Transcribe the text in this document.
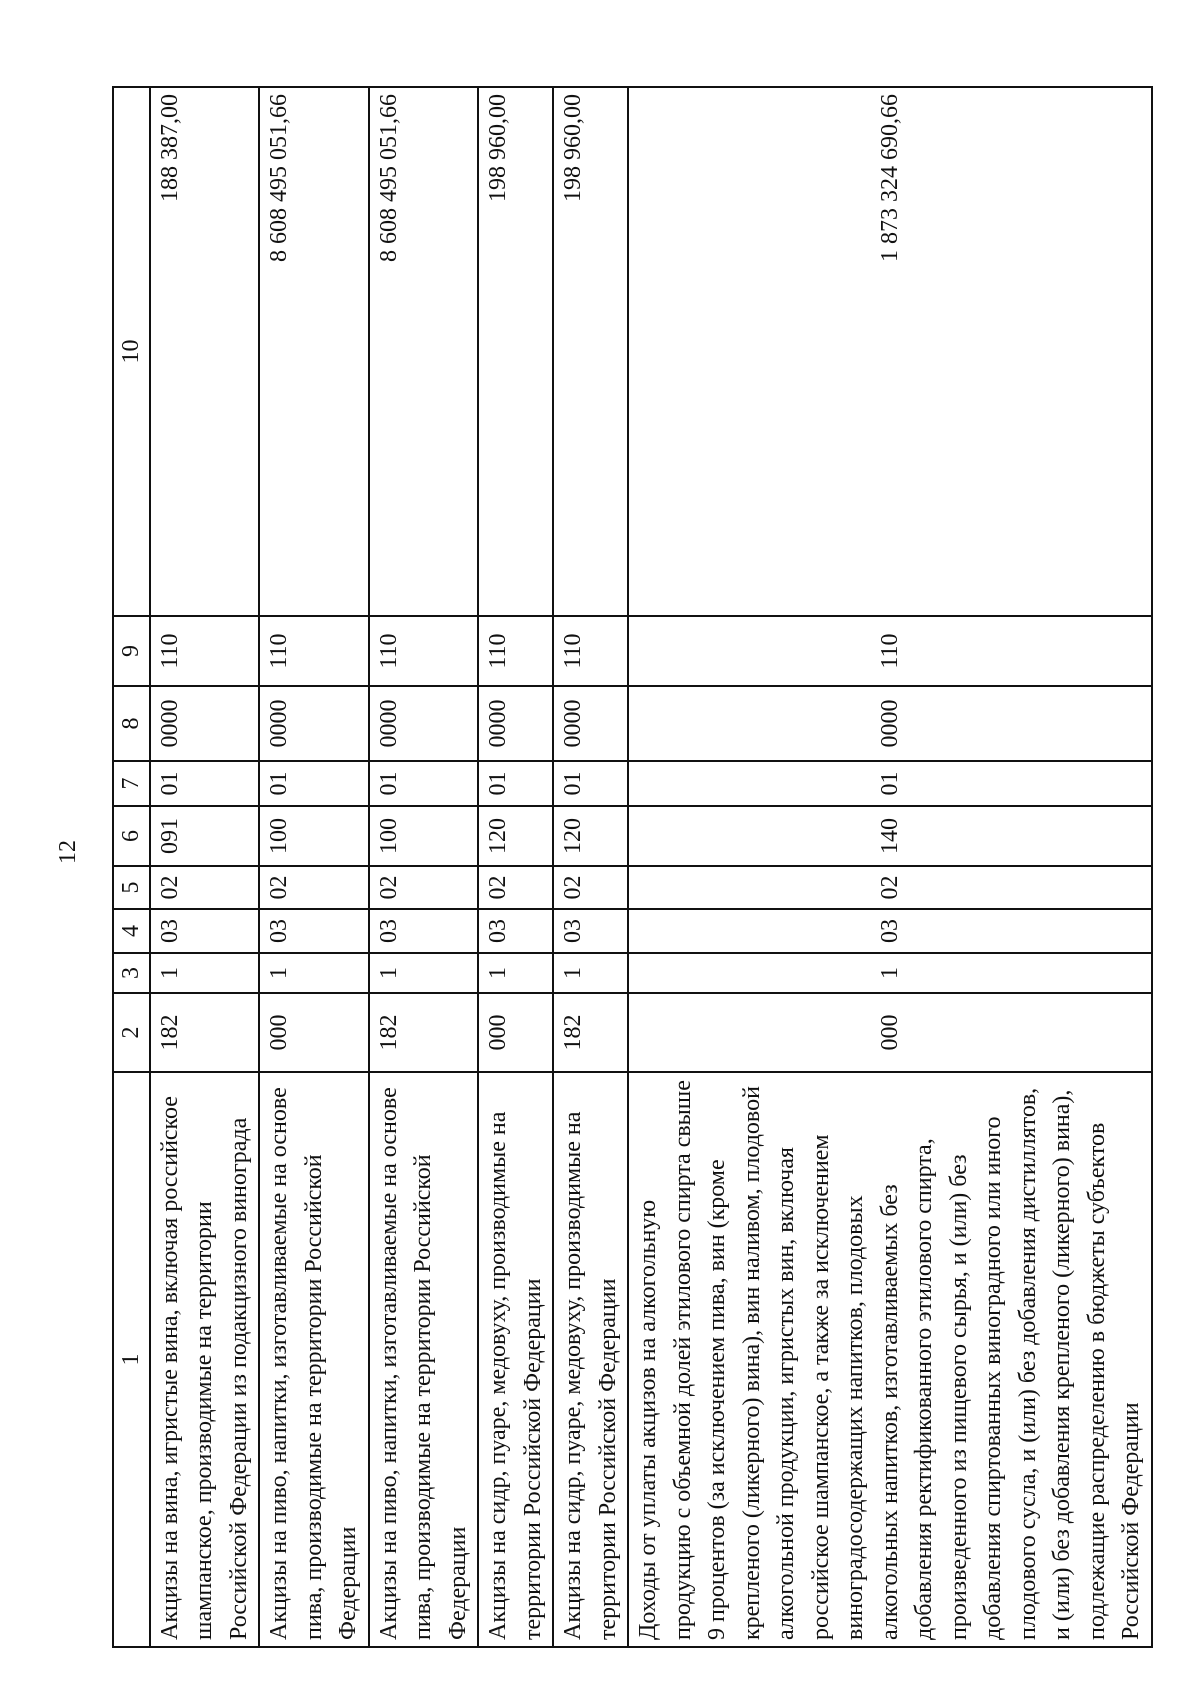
12
1	2	3	4	5	6	7	8	9	10
Акцизы на вина, игристые вина, включая российское шампанское, производимые на территории Российской Федерации из подакцизного винограда	182	1	03	02	091	01	0000	110	188 387,00
Акцизы на пиво, напитки, изготавливаемые на основе пива, производимые на территории Российской Федерации	000	1	03	02	100	01	0000	110	8 608 495 051,66
Акцизы на пиво, напитки, изготавливаемые на основе пива, производимые на территории Российской Федерации	182	1	03	02	100	01	0000	110	8 608 495 051,66
Акцизы на сидр, пуаре, медовуху, производимые на территории Российской Федерации	000	1	03	02	120	01	0000	110	198 960,00
Акцизы на сидр, пуаре, медовуху, производимые на территории Российской Федерации	182	1	03	02	120	01	0000	110	198 960,00
Доходы от уплаты акцизов на алкогольную продукцию с объемной долей этилового спирта свыше 9 процентов (за исключением пива, вин (кроме крепленого (ликерного) вина), вин наливом, плодовой алкогольной продукции, игристых вин, включая российское шампанское, а также за исключением виноградосодержащих напитков, плодовых алкогольных напитков, изготавливаемых без добавления ректификованного этилового спирта, произведенного из пищевого сырья, и (или) без добавления спиртованных виноградного или иного плодового сусла, и (или) без добавления дистиллятов, и (или) без добавления крепленого (ликерного) вина), подлежащие распределению в бюджеты субъектов Российской Федерации	000	1	03	02	140	01	0000	110	1 873 324 690,66
